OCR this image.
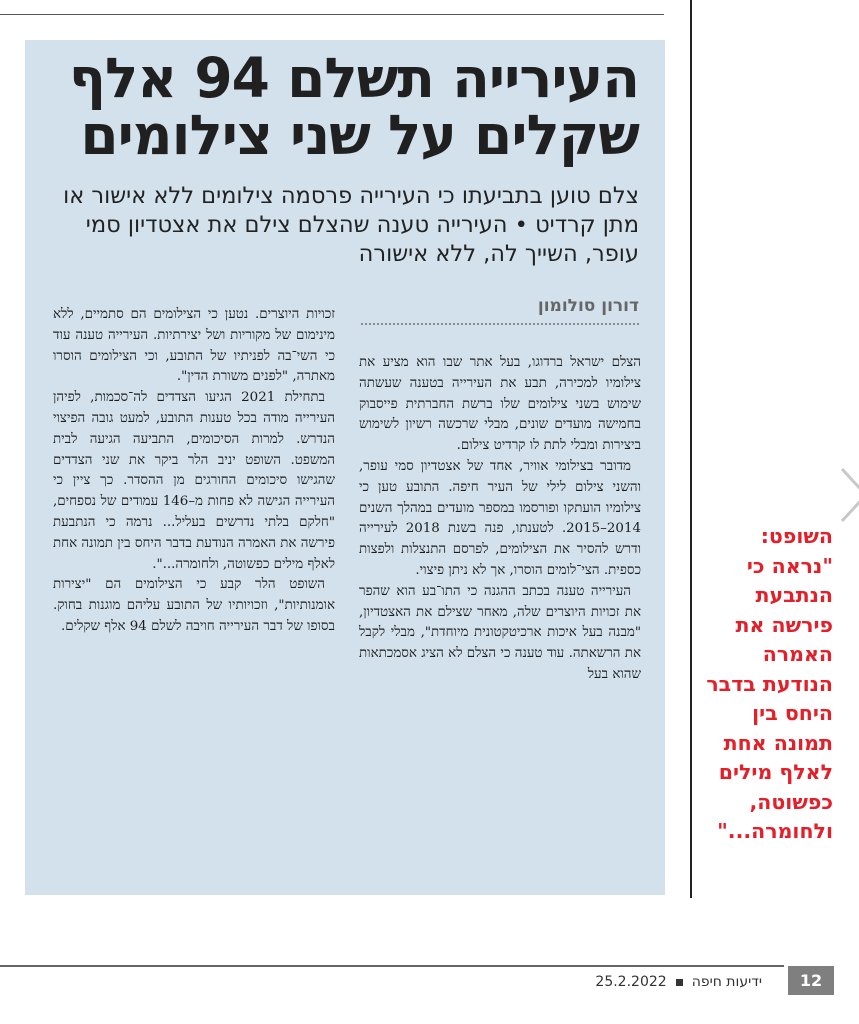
העירייה תשלם 94 אלף
שקלים על שני צילומים

צלם טוען בתביעתו כי העירייה פרסמה צילומים ללא אישור או מתן קרדיט • העירייה טענה שהצלם צילם את אצטדיון סמי עופר, השייך לה, ללא אישורה

דורון סולומון

הצלם ישראל ברדוגו, בעל אתר שבו הוא מציע את צילומיו למכירה, תבע את העירייה בטענה שעשתה שימוש בשני צילומים שלו ברשת החברתית פייסבוק בחמישה מועדים שונים, מבלי שרכשה רשיון לשימוש ביצירות ומבלי לתת לו קרדיט צילום.

מדובר בצילומי אוויר, אחד של אצטדיון סמי עופר, והשני צילום לילי של העיר חיפה. התובע טען כי צילומיו הועתקו ופורסמו במספר מועדים במהלך השנים 2014–2015. לטענתו, פנה בשנת 2018 לעירייה ודרש להסיר את הצילומים, לפרסם התנצלות ולפצות כספית. הצי־לומים הוסרו, אך לא ניתן פיצוי.

העירייה טענה בכתב ההגנה כי התו־בע הוא שהפר את זכויות היוצרים שלה, מאחר שצילם את האצטדיון, "מבנה בעל איכות ארכיטקטונית מיוחדת", מבלי לקבל את הרשאתה. עוד טענה כי הצלם לא הציג אסמכתאות שהוא בעל

זכויות היוצרים. נטען כי הצילומים הם סתמיים, ללא מינימום של מקוריות ושל יצירתיות. העירייה טענה עוד כי השי־בה לפניתיו של התובע, וכי הצילומים הוסרו מאתרה, "לפנים משורת הדין".

בתחילת 2021 הגיעו הצדדים לה־סכמות, לפיהן העירייה מודה בכל טענות התובע, למעט גובה הפיצוי הנדרש. למרות הסיכומים, התביעה הגיעה לבית המשפט. השופט יניב הלר ביקר את שני הצדדים שהגישו סיכומים החורגים מן ההסדר. כך ציין כי העירייה הגישה לא פחות מ–146 עמודים של נספחים, "חלקם בלתי נדרשים בעליל... נרמה כי הנתבעת פירשה את האמרה הנודעת בדבר היחס בין תמונה אחת לאלף מילים כפשוטה, ולחומרה...".

השופט הלר קבע כי הצילומים הם "יצירות אומנותיות", וזכויותיו של התובע עליהם מוגנות בחוק. בסופו של דבר העירייה חויבה לשלם 94 אלף שקלים.

השופט: "נראה כי הנתבעת פירשה את האמרה הנודעת בדבר היחס בין תמונה אחת לאלף מילים כפשוטה, ולחומרה..."

12
ידיעות חיפה25.2.2022
